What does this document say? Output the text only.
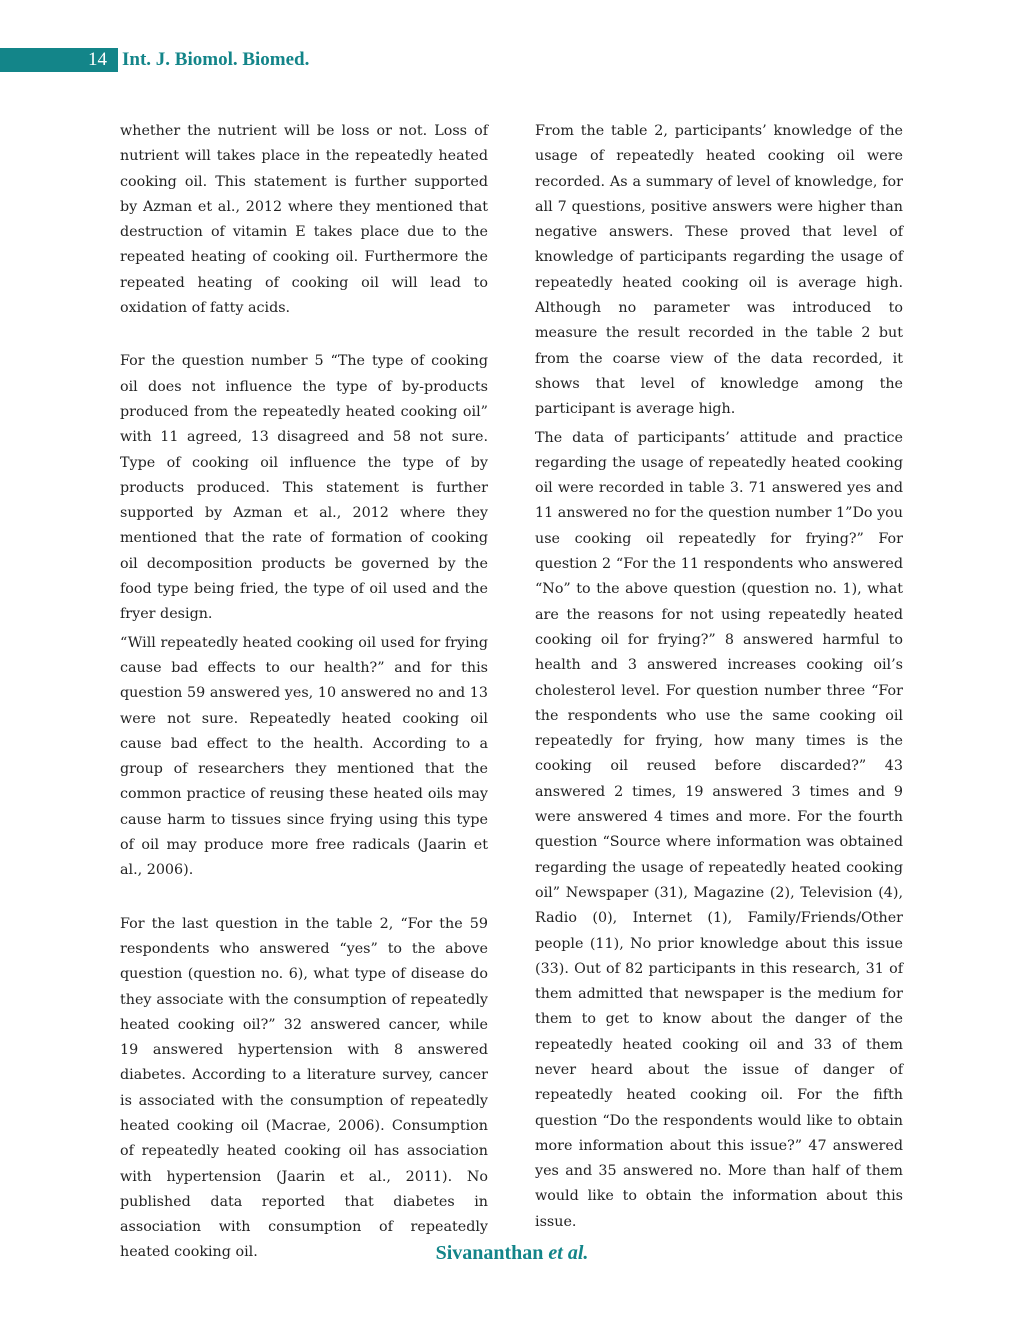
14 Int. J. Biomol. Biomed.

whether the nutrient will be loss or not. Loss of nutrient will takes place in the repeatedly heated cooking oil. This statement is further supported by Azman et al., 2012 where they mentioned that destruction of vitamin E takes place due to the repeated heating of cooking oil. Furthermore the repeated heating of cooking oil will lead to oxidation of fatty acids.

For the question number 5 “The type of cooking oil does not influence the type of by-products produced from the repeatedly heated cooking oil” with 11 agreed, 13 disagreed and 58 not sure. Type of cooking oil influence the type of by products produced. This statement is further supported by Azman et al., 2012 where they mentioned that the rate of formation of cooking oil decomposition products be governed by the food type being fried, the type of oil used and the fryer design.

“Will repeatedly heated cooking oil used for frying cause bad effects to our health?” and for this question 59 answered yes, 10 answered no and 13 were not sure. Repeatedly heated cooking oil cause bad effect to the health. According to a group of researchers they mentioned that the common practice of reusing these heated oils may cause harm to tissues since frying using this type of oil may produce more free radicals (Jaarin et al., 2006).

For the last question in the table 2, “For the 59 respondents who answered “yes” to the above question (question no. 6), what type of disease do they associate with the consumption of repeatedly heated cooking oil?” 32 answered cancer, while 19 answered hypertension with 8 answered diabetes. According to a literature survey, cancer is associated with the consumption of repeatedly heated cooking oil (Macrae, 2006). Consumption of repeatedly heated cooking oil has association with hypertension (Jaarin et al., 2011). No published data reported that diabetes in association with consumption of repeatedly heated cooking oil.

From the table 2, participants’ knowledge of the usage of repeatedly heated cooking oil were recorded. As a summary of level of knowledge, for all 7 questions, positive answers were higher than negative answers. These proved that level of knowledge of participants regarding the usage of repeatedly heated cooking oil is average high. Although no parameter was introduced to measure the result recorded in the table 2 but from the coarse view of the data recorded, it shows that level of knowledge among the participant is average high.

The data of participants’ attitude and practice regarding the usage of repeatedly heated cooking oil were recorded in table 3. 71 answered yes and 11 answered no for the question number 1”Do you use cooking oil repeatedly for frying?” For question 2 “For the 11 respondents who answered “No” to the above question (question no. 1), what are the reasons for not using repeatedly heated cooking oil for frying?” 8 answered harmful to health and 3 answered increases cooking oil’s cholesterol level. For question number three “For the respondents who use the same cooking oil repeatedly for frying, how many times is the cooking oil reused before discarded?” 43 answered 2 times, 19 answered 3 times and 9 were answered 4 times and more. For the fourth question “Source where information was obtained regarding the usage of repeatedly heated cooking oil” Newspaper (31), Magazine (2), Television (4), Radio (0), Internet (1), Family/Friends/Other people (11), No prior knowledge about this issue (33). Out of 82 participants in this research, 31 of them admitted that newspaper is the medium for them to get to know about the danger of the repeatedly heated cooking oil and 33 of them never heard about the issue of danger of repeatedly heated cooking oil. For the fifth question “Do the respondents would like to obtain more information about this issue?” 47 answered yes and 35 answered no. More than half of them would like to obtain the information about this issue.

Sivananthan et al.
